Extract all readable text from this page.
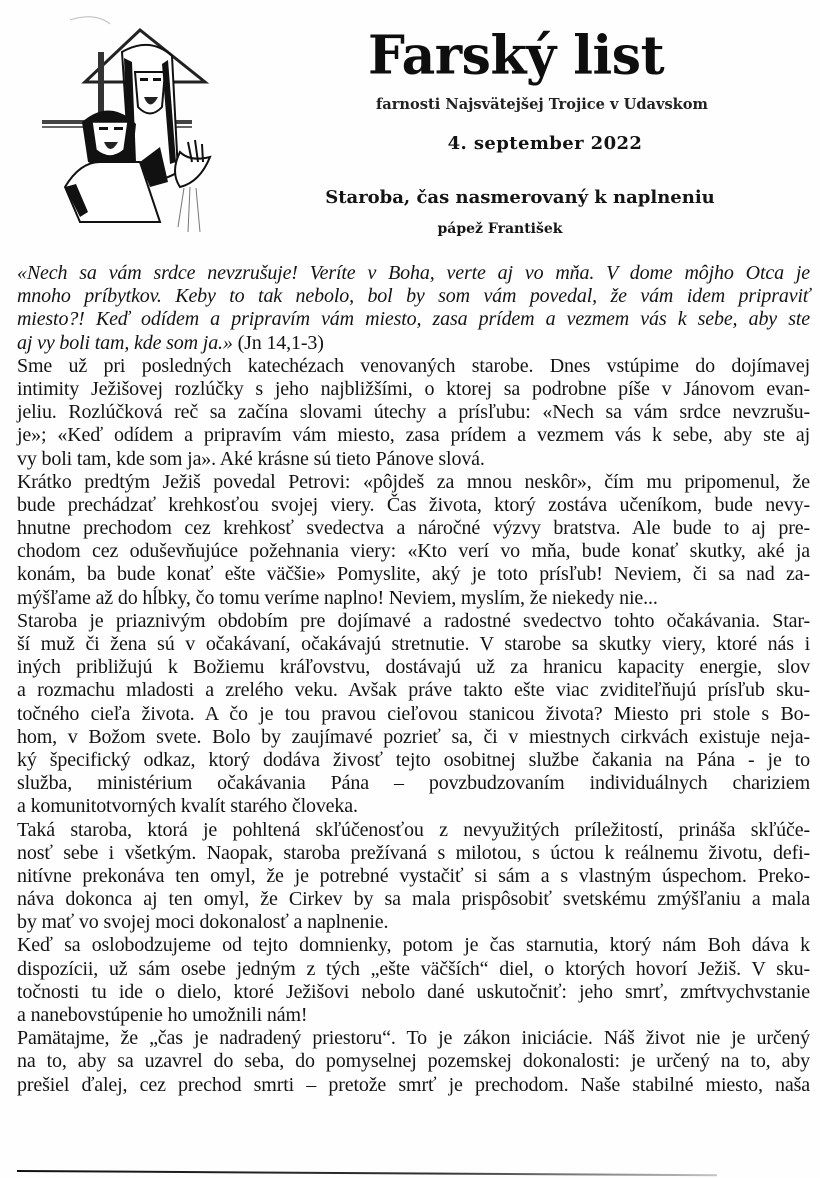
Farský list
farnosti Najsvätejšej Trojice v Udavskom
4. september 2022
Staroba, čas nasmerovaný k naplneniu
pápež František
«Nech sa vám srdce nevzrušuje! Veríte v Boha, verte aj vo mňa. V dome môjho Otca je
mnoho príbytkov. Keby to tak nebolo, bol by som vám povedal, že vám idem pripraviť
miesto?! Keď odídem a pripravím vám miesto, zasa prídem a vezmem vás k sebe, aby ste
aj vy boli tam, kde som ja.» (Jn 14,1-3)
Sme už pri posledných katechézach venovaných starobe. Dnes vstúpime do dojímavej
intimity Ježišovej rozlúčky s jeho najbližšími, o ktorej sa podrobne píše v Jánovom evan-
jeliu. Rozlúčková reč sa začína slovami útechy a prísľubu: «Nech sa vám srdce nevzrušu-
je»; «Keď odídem a pripravím vám miesto, zasa prídem a vezmem vás k sebe, aby ste aj
vy boli tam, kde som ja». Aké krásne sú tieto Pánove slová.
Krátko predtým Ježiš povedal Petrovi: «pôjdeš za mnou neskôr», čím mu pripomenul, že
bude prechádzať krehkosťou svojej viery. Čas života, ktorý zostáva učeníkom, bude nevy-
hnutne prechodom cez krehkosť svedectva a náročné výzvy bratstva. Ale bude to aj pre-
chodom cez oduševňujúce požehnania viery: «Kto verí vo mňa, bude konať skutky, aké ja
konám, ba bude konať ešte väčšie» Pomyslite, aký je toto prísľub! Neviem, či sa nad za-
mýšľame až do hĺbky, čo tomu veríme naplno! Neviem, myslím, že niekedy nie...
Staroba je priaznivým obdobím pre dojímavé a radostné svedectvo tohto očakávania. Star-
ší muž či žena sú v očakávaní, očakávajú stretnutie. V starobe sa skutky viery, ktoré nás i
iných približujú k Božiemu kráľovstvu, dostávajú už za hranicu kapacity energie, slov
a rozmachu mladosti a zrelého veku. Avšak práve takto ešte viac zviditeľňujú prísľub sku-
točného cieľa života. A čo je tou pravou cieľovou stanicou života? Miesto pri stole s Bo-
hom, v Božom svete. Bolo by zaujímavé pozrieť sa, či v miestnych cirkvách existuje neja-
ký špecifický odkaz, ktorý dodáva živosť tejto osobitnej službe čakania na Pána - je to
služba, ministérium očakávania Pána – povzbudzovaním individuálnych chariziem
a komunitotvorných kvalít starého človeka.
Taká staroba, ktorá je pohltená skľúčenosťou z nevyužitých príležitostí, prináša skľúče-
nosť sebe i všetkým. Naopak, staroba prežívaná s milotou, s úctou k reálnemu životu, defi-
nitívne prekonáva ten omyl, že je potrebné vystačiť si sám a s vlastným úspechom. Preko-
náva dokonca aj ten omyl, že Cirkev by sa mala prispôsobiť svetskému zmýšľaniu a mala
by mať vo svojej moci dokonalosť a naplnenie.
Keď sa oslobodzujeme od tejto domnienky, potom je čas starnutia, ktorý nám Boh dáva k
dispozícii, už sám osebe jedným z tých „ešte väčších“ diel, o ktorých hovorí Ježiš. V sku-
točnosti tu ide o dielo, ktoré Ježišovi nebolo dané uskutočniť: jeho smrť, zmŕtvychvstanie
a nanebovstúpenie ho umožnili nám!
Pamätajme, že „čas je nadradený priestoru“. To je zákon iniciácie. Náš život nie je určený
na to, aby sa uzavrel do seba, do pomyselnej pozemskej dokonalosti: je určený na to, aby
prešiel ďalej, cez prechod smrti – pretože smrť je prechodom. Naše stabilné miesto, naša
